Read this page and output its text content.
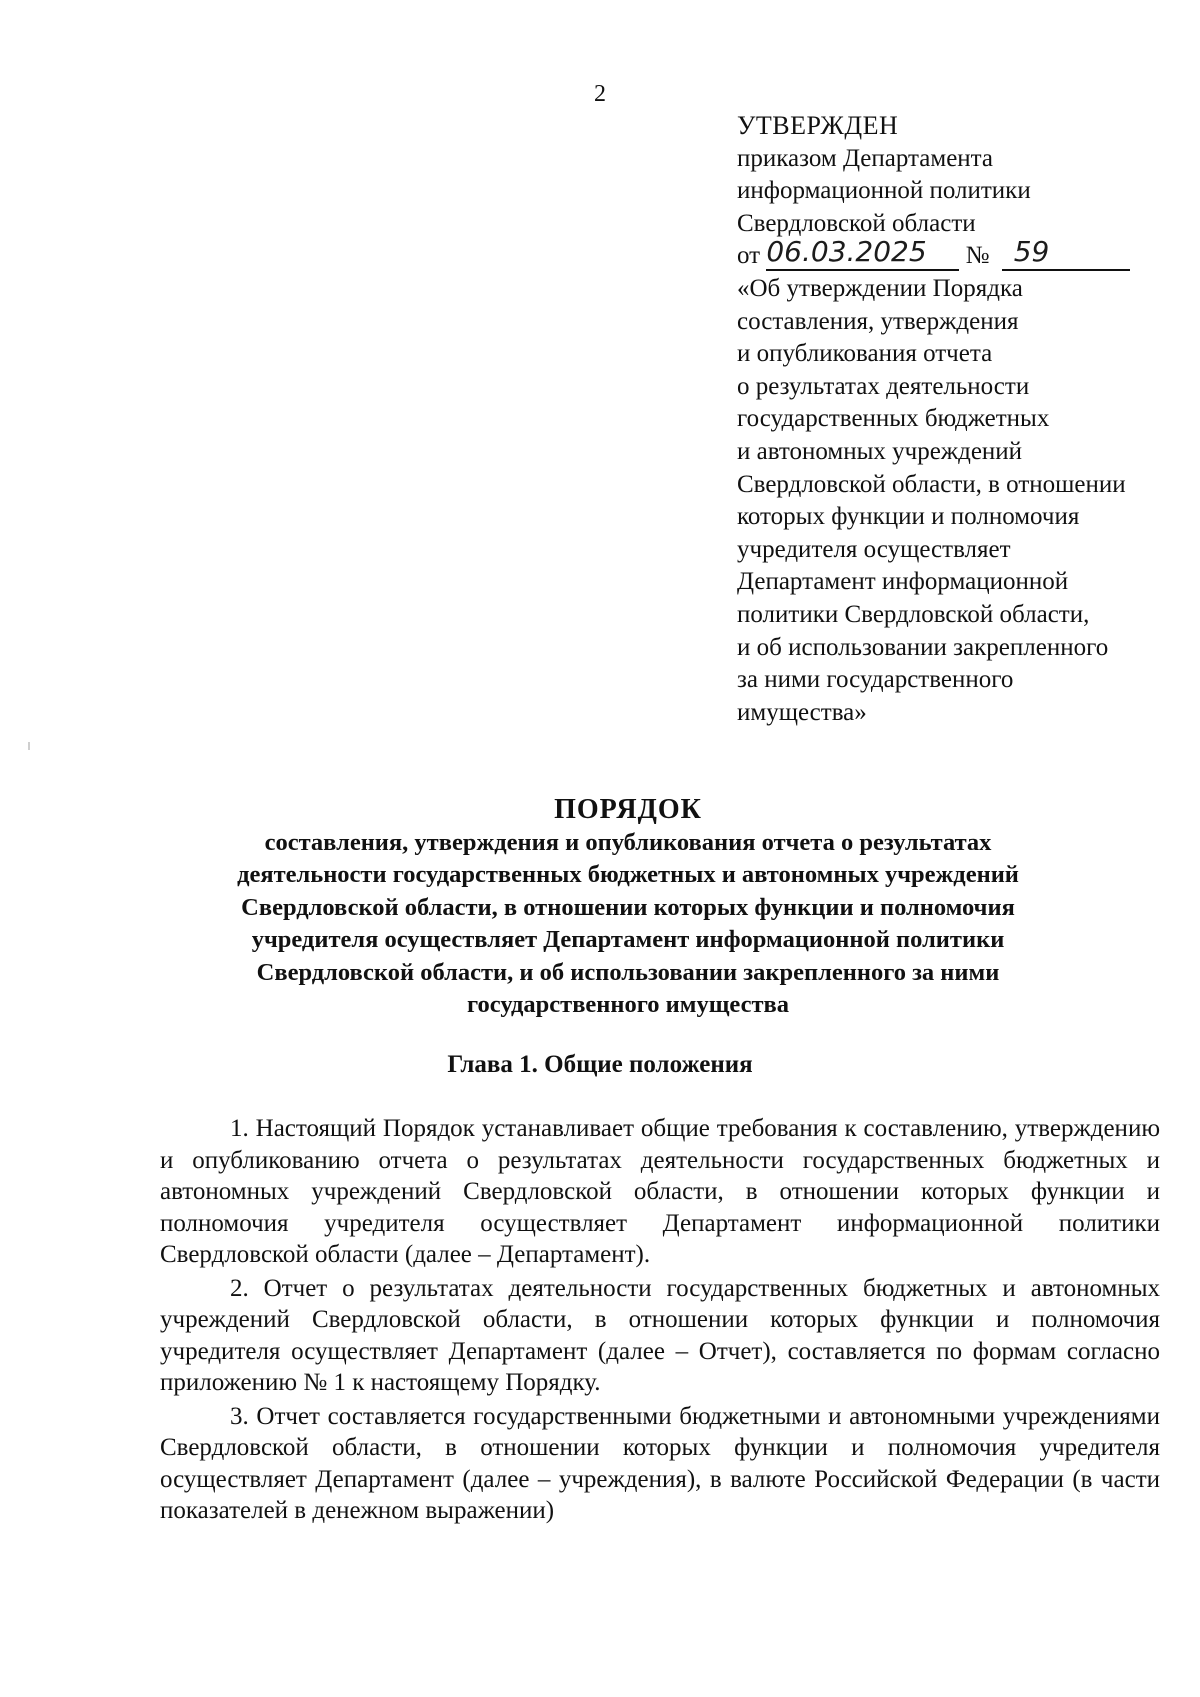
2
УТВЕРЖДЕН
приказом Департамента
информационной политики
Свердловской области
от 06.03.2025 № 59
«Об утверждении Порядка
составления, утверждения
и опубликования отчета
о результатах деятельности
государственных бюджетных
и автономных учреждений
Свердловской области, в отношении
которых функции и полномочия
учредителя осуществляет
Департамент информационной
политики Свердловской области,
и об использовании закрепленного
за ними государственного
имущества»
ПОРЯДОК
составления, утверждения и опубликования отчета о результатах
деятельности государственных бюджетных и автономных учреждений
Свердловской области, в отношении которых функции и полномочия
учредителя осуществляет Департамент информационной политики
Свердловской области, и об использовании закрепленного за ними
государственного имущества
Глава 1. Общие положения

1. Настоящий Порядок устанавливает общие требования к составлению, утверждению и опубликованию отчета о результатах деятельности государственных бюджетных и автономных учреждений Свердловской области, в отношении которых функции и полномочия учредителя осуществляет Департамент информационной политики Свердловской области (далее – Департамент).

2. Отчет о результатах деятельности государственных бюджетных и автономных учреждений Свердловской области, в отношении которых функции и полномочия учредителя осуществляет Департамент (далее – Отчет), составляется по формам согласно приложению № 1 к настоящему Порядку.

3. Отчет составляется государственными бюджетными и автономными учреждениями Свердловской области, в отношении которых функции и полномочия учредителя осуществляет Департамент (далее – учреждения), в валюте Российской Федерации (в части показателей в денежном выражении)
